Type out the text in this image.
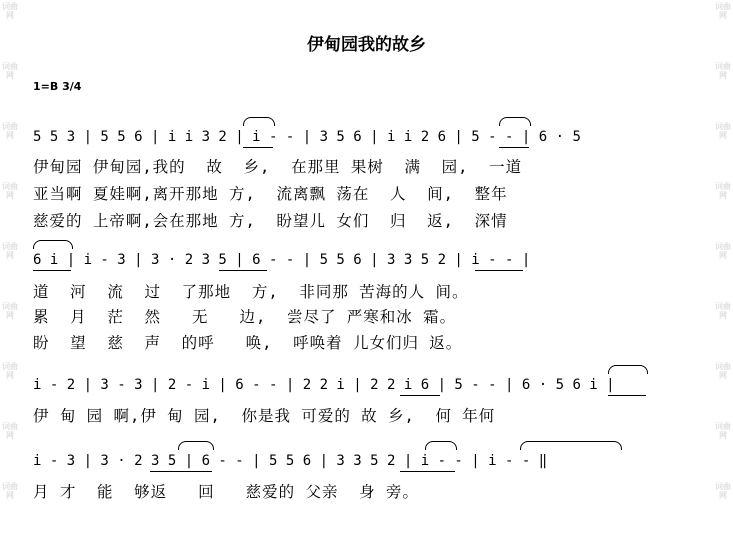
词曲网
词曲网
词曲网
词曲网
词曲网
词曲网
词曲网
词曲网
词曲网
词曲网
词曲网
词曲网
词曲网
词曲网
词曲网
词曲网
词曲网
词曲网
伊甸园我的故乡
1=B 3/4
5 5 3 | 5 5 6 | i i 3 2 | i - - | 3 5 6 | i i 2 6 | 5 - - | 6 · 5
伊甸园 伊甸园,我的  故  乡,  在那里 果树  满  园,  一道
亚当啊 夏娃啊,离开那地 方,  流离飘 荡在  人  间,  整年
慈爱的 上帝啊,会在那地 方,  盼望儿 女们  归  返,  深情
6 i | i - 3 | 3 · 2 3 5 | 6 - - | 5 5 6 | 3 3 5 2 | i - - |
道  河  流  过  了那地  方,  非同那 苦海的人 间。
累  月  茫  然   无   边,  尝尽了 严寒和冰 霜。
盼  望  慈  声  的呼   唤,  呼唤着 儿女们归 返。
i - 2 | 3 - 3 | 2 - i | 6 - - | 2 2 i | 2 2 i 6 | 5 - - | 6 · 5 6 i |
伊 甸 园 啊,伊 甸 园,  你是我 可爱的 故 乡,  何 年何
i - 3 | 3 · 2 3 5 | 6 - - | 5 5 6 | 3 3 5 2 | i - - | i - - ‖
月 才  能  够返   回   慈爱的 父亲  身 旁。
